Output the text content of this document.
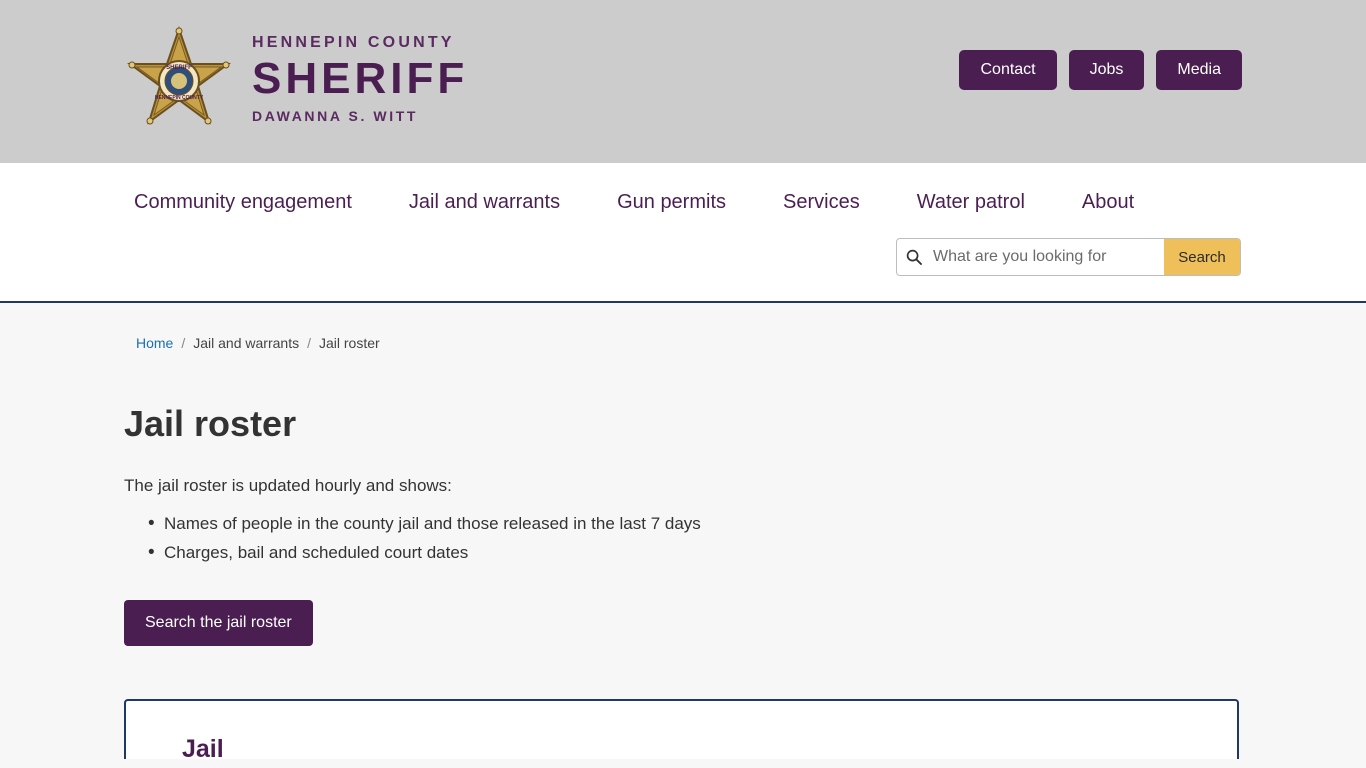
SHERIFF
HENNEPIN COUNTY
HENNEPIN COUNTY
SHERIFF
DAWANNA S. WITT
Contact	Jobs	Media
Community engagement	Jail and warrants	Gun permits	Services	Water patrol	About
What are you looking for
Search
Home / Jail and warrants / Jail roster
Jail roster

The jail roster is updated hourly and shows:

• Names of people in the county jail and those released in the last 7 days
• Charges, bail and scheduled court dates
Search the jail roster
Jail
